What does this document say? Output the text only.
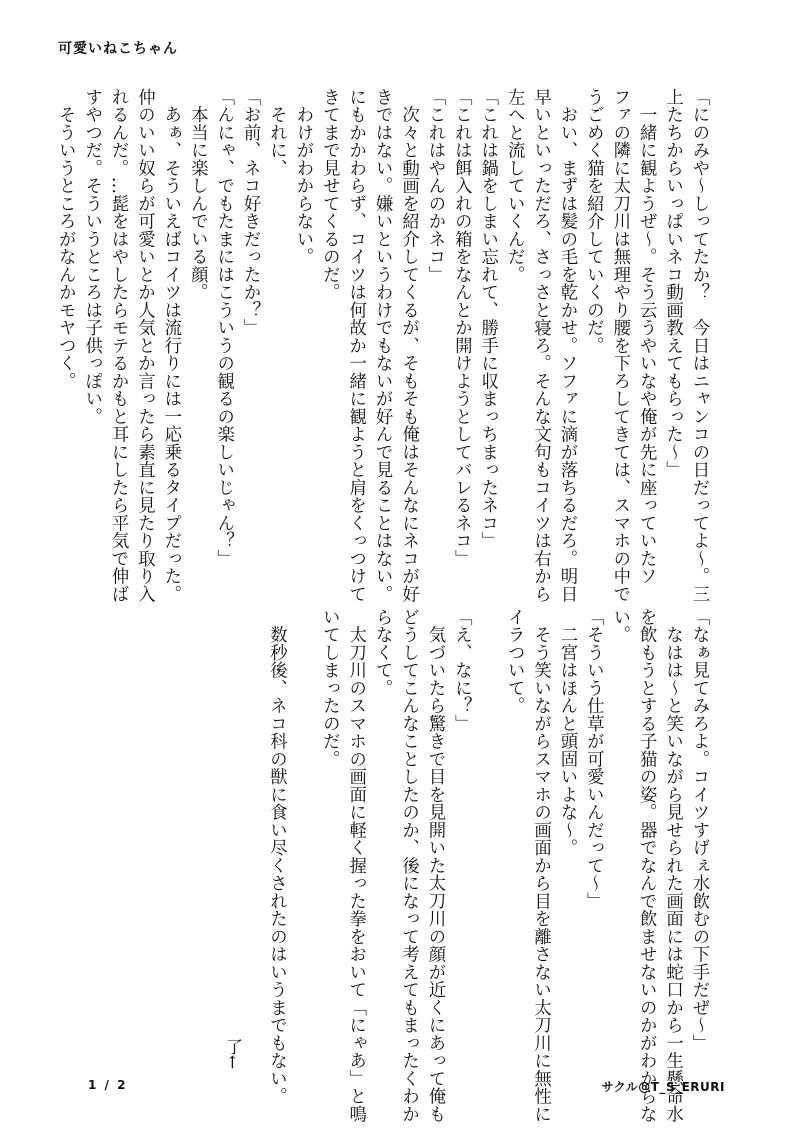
可愛いねこちゃん
「にのみや～しってたか？　今日はニャンコの日だってよ～。三
上たちからいっぱいネコ動画教えてもらった～」
　一緒に観ようぜ～。そう云うやいなや俺が先に座っていたソ
ファの隣に太刀川は無理やり腰を下ろしてきては、スマホの中で
うごめく猫を紹介していくのだ。
　おい、まずは髪の毛を乾かせ。ソファに滴が落ちるだろ。明日
早いといっただろ、さっさと寝ろ。そんな文句もコイツは右から
左へと流していくんだ。
「これは鍋をしまい忘れて、勝手に収まっちまったネコ」
「これは餌入れの箱をなんとか開けようとしてバレるネコ」
「これはやんのかネコ」
　次々と動画を紹介してくるが、そもそも俺はそんなにネコが好
きではない。嫌いというわけでもないが好んで見ることはない。
にもかかわらず、コイツは何故か一緒に観ようと肩をくっつけて
きてまで見せてくるのだ。
　わけがわからない。
　それに、
「お前、ネコ好きだったか？」
「んにゃ、でもたまにはこういうの観るの楽しいじゃん？」
　本当に楽しんでいる顔。
　あぁ、そういえばコイツは流行りには一応乗るタイプだった。
仲のいい奴らが可愛いとか人気とか言ったら素直に見たり取り入
れるんだ。…髭をはやしたらモテるかもと耳にしたら平気で伸ば
すやつだ。そういうところは子供っぽい。
　そういうところがなんかモヤつく。
「なぁ見てみろよ。コイツすげぇ水飲むの下手だぜ～」
　なはは～と笑いながら見せられた画面には蛇口から一生懸命水
を飲もうとする子猫の姿。器でなんで飲ませないのかがわからな
い。
「そういう仕草が可愛いんだって～」
　二宮はほんと頭固いよな～。
　そう笑いながらスマホの画面から目を離さない太刀川に無性に
イラついて。
「え、なに？」
　気づいたら驚きで目を見開いた太刀川の顔が近くにあって俺も
どうしてこんなことしたのか、後になって考えてもまったくわか
らなくて。
　太刀川のスマホの画面に軽く握った拳をおいて「にゃあ」と鳴
いてしまったのだ。
　数秒後、ネコ科の獣に食い尽くされたのはいうまでもない。
了←
1 / 2	サクル@T_S_ERURI
